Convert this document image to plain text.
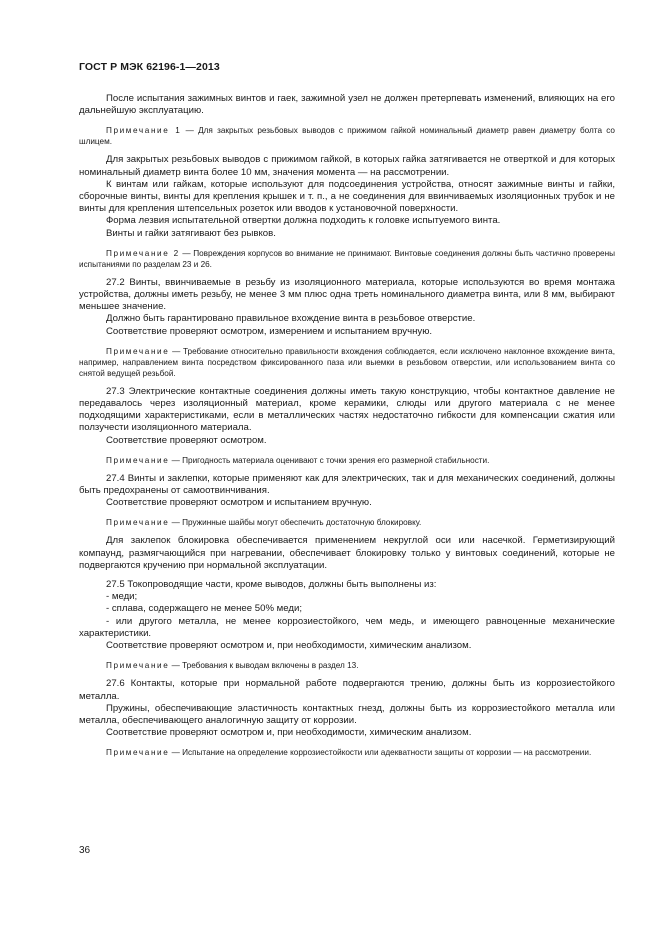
ГОСТ Р МЭК 62196-1—2013

После испытания зажимных винтов и гаек, зажимной узел не должен претерпевать изменений, влияющих на его дальнейшую эксплуатацию.

Примечание 1 — Для закрытых резьбовых выводов с прижимом гайкой номинальный диаметр равен диаметру болта со шлицем.

Для закрытых резьбовых выводов с прижимом гайкой, в которых гайка затягивается не отверткой и для которых номинальный диаметр винта более 10 мм, значения момента — на рассмотрении.

К винтам или гайкам, которые используют для подсоединения устройства, относят зажимные винты и гайки, сборочные винты, винты для крепления крышек и т. п., а не соединения для ввинчиваемых изоляционных трубок и не винты для крепления штепсельных розеток или вводов к установочной поверхности.

Форма лезвия испытательной отвертки должна подходить к головке испытуемого винта.

Винты и гайки затягивают без рывков.

Примечание 2 — Повреждения корпусов во внимание не принимают. Винтовые соединения должны быть частично проверены испытаниями по разделам 23 и 26.

27.2 Винты, ввинчиваемые в резьбу из изоляционного материала, которые используются во время монтажа устройства, должны иметь резьбу, не менее 3 мм плюс одна треть номинального диаметра винта, или 8 мм, выбирают меньшее значение.

Должно быть гарантировано правильное вхождение винта в резьбовое отверстие.

Соответствие проверяют осмотром, измерением и испытанием вручную.

Примечание — Требование относительно правильности вхождения соблюдается, если исключено наклонное вхождение винта, например, направлением винта посредством фиксированного паза или выемки в резьбовом отверстии, или использованием винта со снятой ведущей резьбой.

27.3 Электрические контактные соединения должны иметь такую конструкцию, чтобы контактное давление не передавалось через изоляционный материал, кроме керамики, слюды или другого материала с не менее подходящими характеристиками, если в металлических частях недостаточно гибкости для компенсации сжатия или ползучести изоляционного материала.

Соответствие проверяют осмотром.

Примечание — Пригодность материала оценивают с точки зрения его размерной стабильности.

27.4 Винты и заклепки, которые применяют как для электрических, так и для механических соединений, должны быть предохранены от самоотвинчивания.

Соответствие проверяют осмотром и испытанием вручную.

Примечание — Пружинные шайбы могут обеспечить достаточную блокировку.

Для заклепок блокировка обеспечивается применением некруглой оси или насечкой. Герметизирующий компаунд, размягчающийся при нагревании, обеспечивает блокировку только у винтовых соединений, которые не подвергаются кручению при нормальной эксплуатации.

27.5 Токопроводящие части, кроме выводов, должны быть выполнены из:

- меди;

- сплава, содержащего не менее 50% меди;

- или другого металла, не менее коррозиестойкого, чем медь, и имеющего равноценные механические характеристики.

Соответствие проверяют осмотром и, при необходимости, химическим анализом.

Примечание — Требования к выводам включены в раздел 13.

27.6 Контакты, которые при нормальной работе подвергаются трению, должны быть из коррозиестойкого металла.

Пружины, обеспечивающие эластичность контактных гнезд, должны быть из коррозиестойкого металла или металла, обеспечивающего аналогичную защиту от коррозии.

Соответствие проверяют осмотром и, при необходимости, химическим анализом.

Примечание — Испытание на определение коррозиестойкости или адекватности защиты от коррозии — на рассмотрении.

36
